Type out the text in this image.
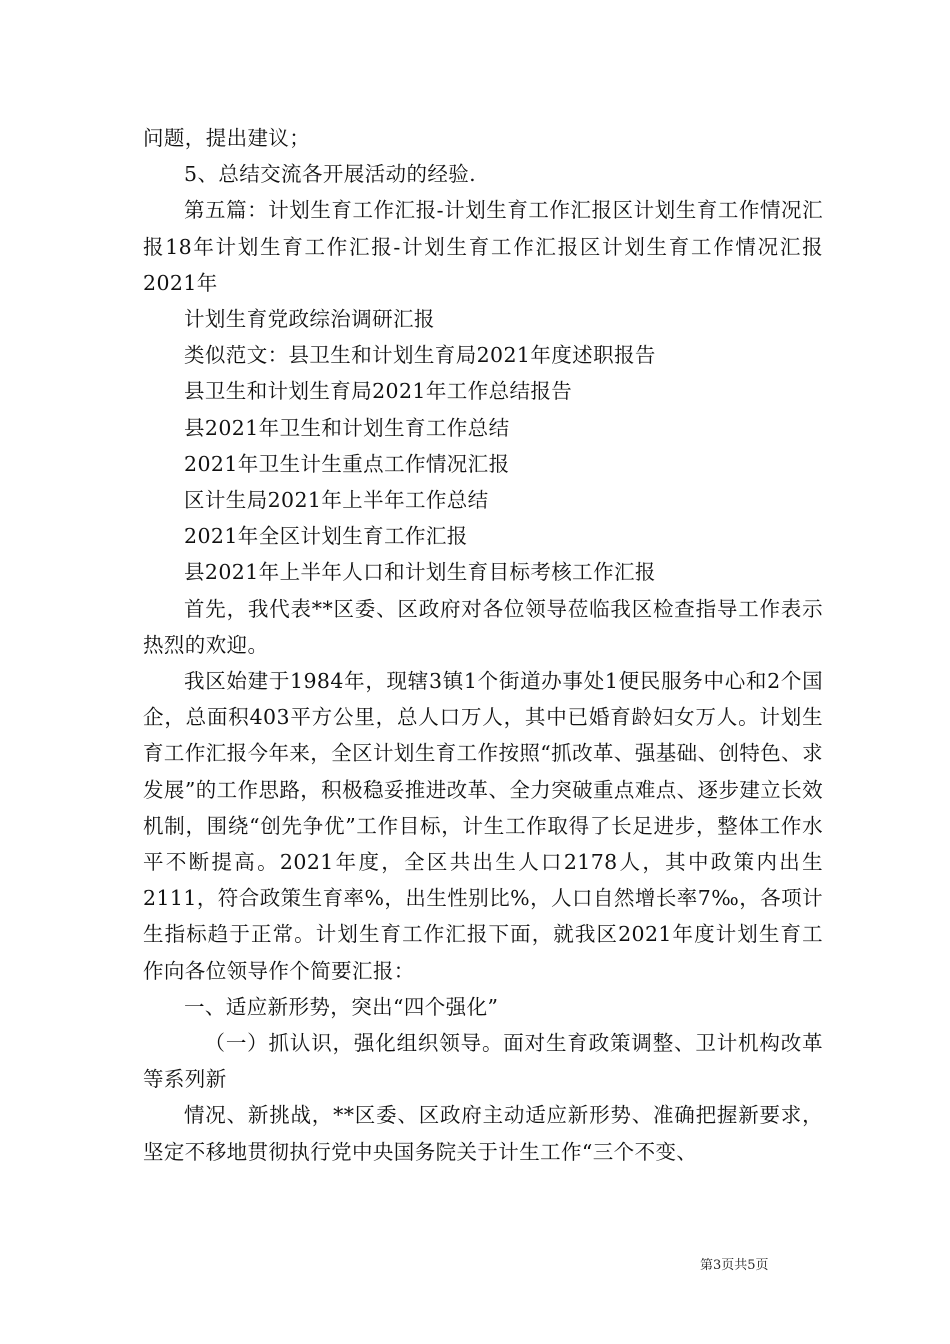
问题，提出建议；

5、总结交流各开展活动的经验.

第五篇：计划生育工作汇报-计划生育工作汇报区计划生育工作情况汇报18年计划生育工作汇报-计划生育工作汇报区计划生育工作情况汇报2021年

计划生育党政综治调研汇报

类似范文：县卫生和计划生育局2021年度述职报告

县卫生和计划生育局2021年工作总结报告

县2021年卫生和计划生育工作总结

2021年卫生计生重点工作情况汇报

区计生局2021年上半年工作总结

2021年全区计划生育工作汇报

县2021年上半年人口和计划生育目标考核工作汇报

首先，我代表**区委、区政府对各位领导莅临我区检查指导工作表示热烈的欢迎。

我区始建于1984年，现辖3镇1个街道办事处1便民服务中心和2个国企，总面积403平方公里，总人口万人，其中已婚育龄妇女万人。计划生育工作汇报今年来，全区计划生育工作按照“抓改革、强基础、创特色、求发展”的工作思路，积极稳妥推进改革、全力突破重点难点、逐步建立长效机制，围绕“创先争优”工作目标，计生工作取得了长足进步，整体工作水平不断提高。2021年度，全区共出生人口2178人，其中政策内出生2111，符合政策生育率%，出生性别比%，人口自然增长率7‰，各项计生指标趋于正常。计划生育工作汇报下面，就我区2021年度计划生育工作向各位领导作个简要汇报：

一、适应新形势，突出“四个强化”

（一）抓认识，强化组织领导。面对生育政策调整、卫计机构改革等系列新

情况、新挑战，**区委、区政府主动适应新形势、准确把握新要求，坚定不移地贯彻执行党中央国务院关于计生工作“三个不变、

第3页共5页
